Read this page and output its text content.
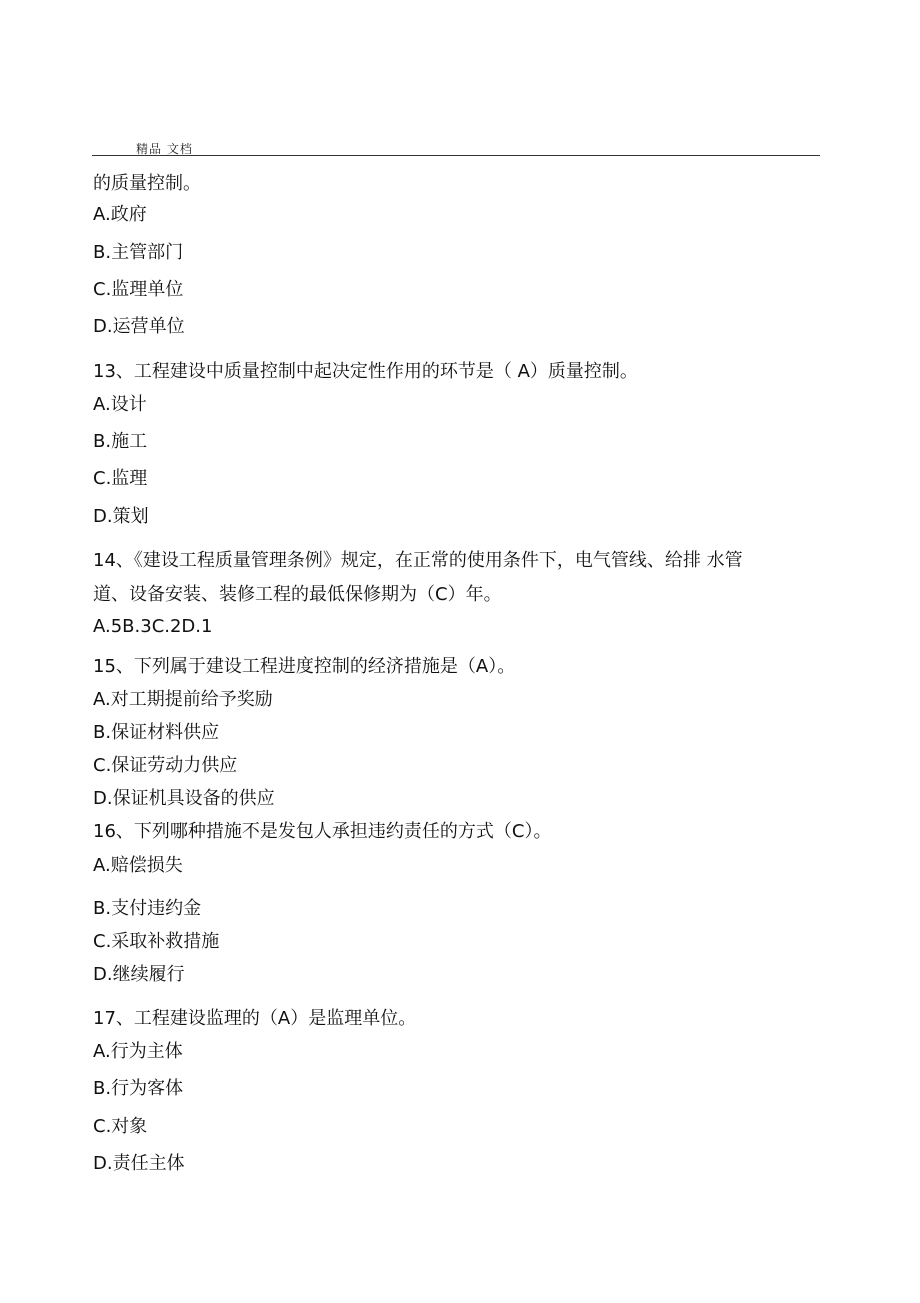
精品 文档
的质量控制。
A.政府
B.主管部门
C.监理单位
D.运营单位
13、工程建设中质量控制中起决定性作用的环节是（ A）质量控制。
A.设计
B.施工
C.监理
D.策划
14、《建设工程质量管理条例》规定，在正常的使用条件下，电气管线、给排 水管
道、设备安装、装修工程的最低保修期为（C）年。
A.5B.3C.2D.1
15、下列属于建设工程进度控制的经济措施是（A）。
A.对工期提前给予奖励
B.保证材料供应
C.保证劳动力供应
D.保证机具设备的供应
16、下列哪种措施不是发包人承担违约责任的方式（C）。
A.赔偿损失
B.支付违约金
C.采取补救措施
D.继续履行
17、工程建设监理的（A）是监理单位。
A.行为主体
B.行为客体
C.对象
D.责任主体
